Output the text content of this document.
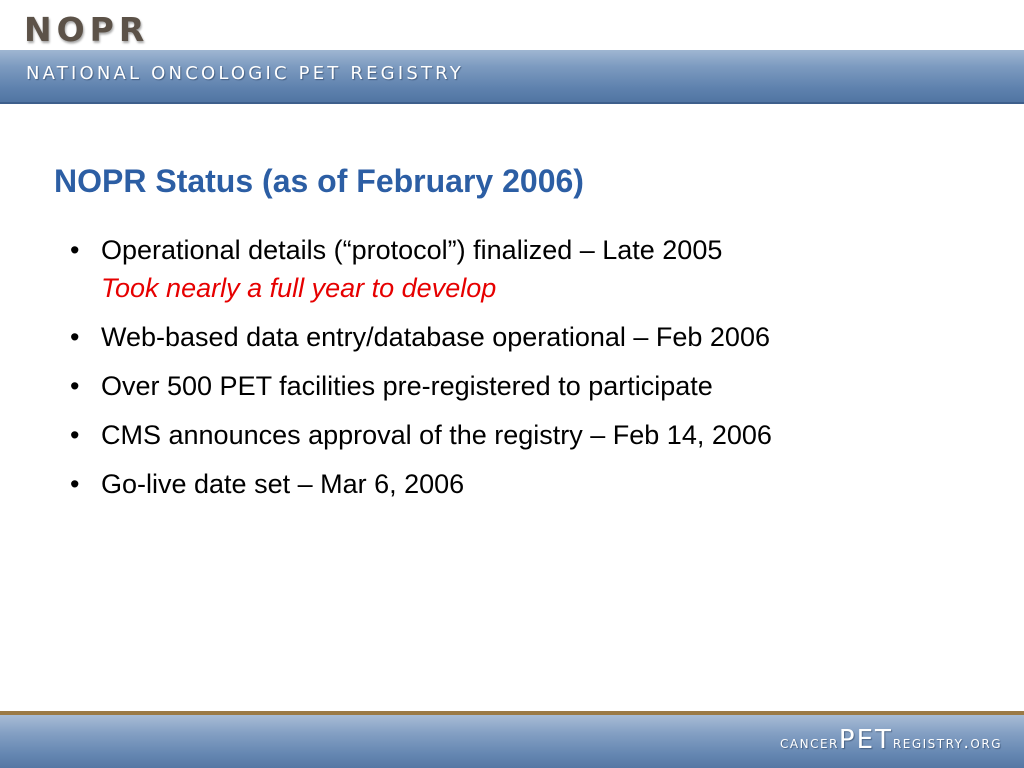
NOPR
NATIONAL ONCOLOGIC PET REGISTRY
NOPR Status (as of February 2006)
• Operational details (“protocol”) finalized – Late 2005
Took nearly a full year to develop
• Web-based data entry/database operational – Feb 2006
• Over 500 PET facilities pre-registered to participate
• CMS announces approval of the registry – Feb 14, 2006
• Go-live date set – Mar 6, 2006
cancerPETregistry.org
